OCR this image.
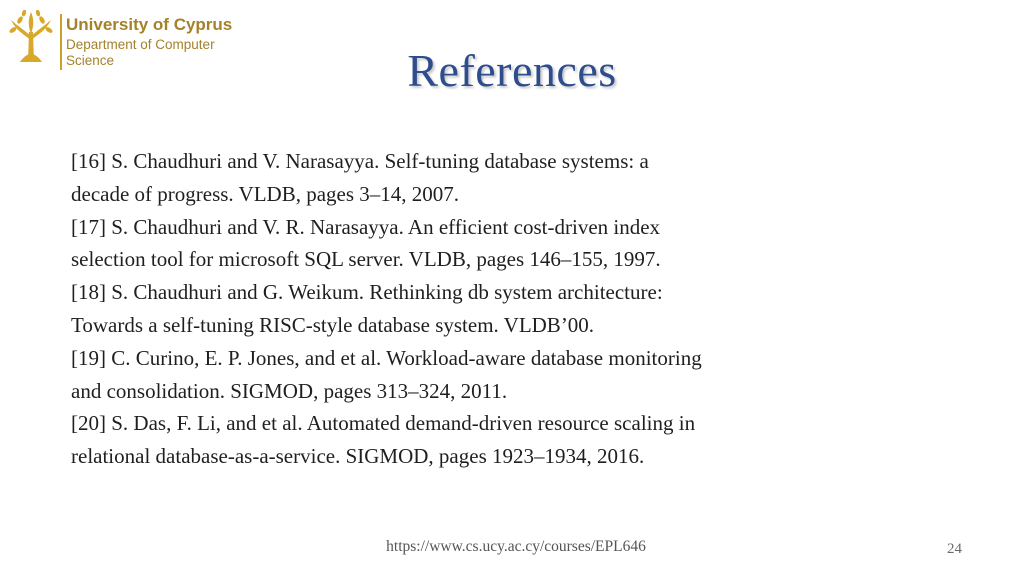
University of Cyprus
Department of Computer
Science	References
[16] S. Chaudhuri and V. Narasayya. Self-tuning database systems: a
decade of progress. VLDB, pages 3–14, 2007.
[17] S. Chaudhuri and V. R. Narasayya. An efficient cost-driven index
selection tool for microsoft SQL server. VLDB, pages 146–155, 1997.
[18] S. Chaudhuri and G. Weikum. Rethinking db system architecture:
Towards a self-tuning RISC-style database system. VLDB’00.
[19] C. Curino, E. P. Jones, and et al. Workload-aware database monitoring
and consolidation. SIGMOD, pages 313–324, 2011.
[20] S. Das, F. Li, and et al. Automated demand-driven resource scaling in
relational database-as-a-service. SIGMOD, pages 1923–1934, 2016.
https://www.cs.ucy.ac.cy/courses/EPL646	24
